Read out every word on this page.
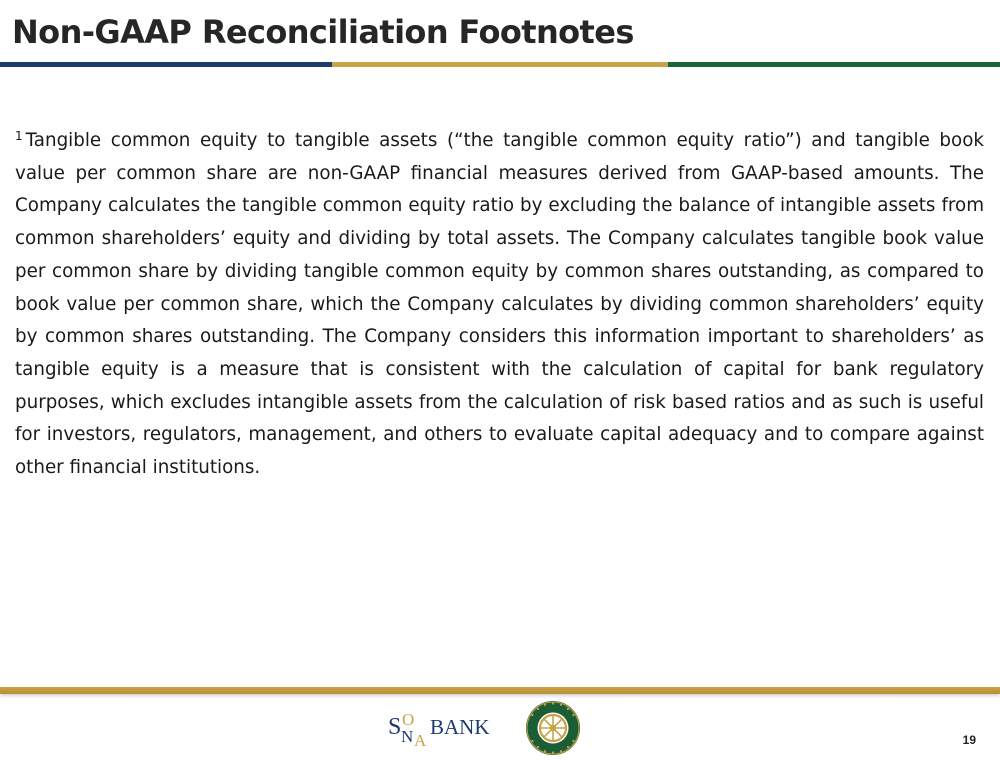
Non-GAAP Reconciliation Footnotes

$^1$ Tangible common equity to tangible assets (“the tangible common equity ratio”) and tangible book value per common share are non-GAAP financial measures derived from GAAP-based amounts. The Company calculates the tangible common equity ratio by excluding the balance of intangible assets from common shareholders’ equity and dividing by total assets. The Company calculates tangible book value per common share by dividing tangible common equity by common shares outstanding, as compared to book value per common share, which the Company calculates by dividing common shareholders’ equity by common shares outstanding. The Company considers this information important to shareholders’ as tangible equity is a measure that is consistent with the calculation of capital for bank regulatory purposes, which excludes intangible assets from the calculation of risk based ratios and as such is useful for investors, regulators, management, and others to evaluate capital adequacy and to compare against other financial institutions.

S O
N A
BANK
19
